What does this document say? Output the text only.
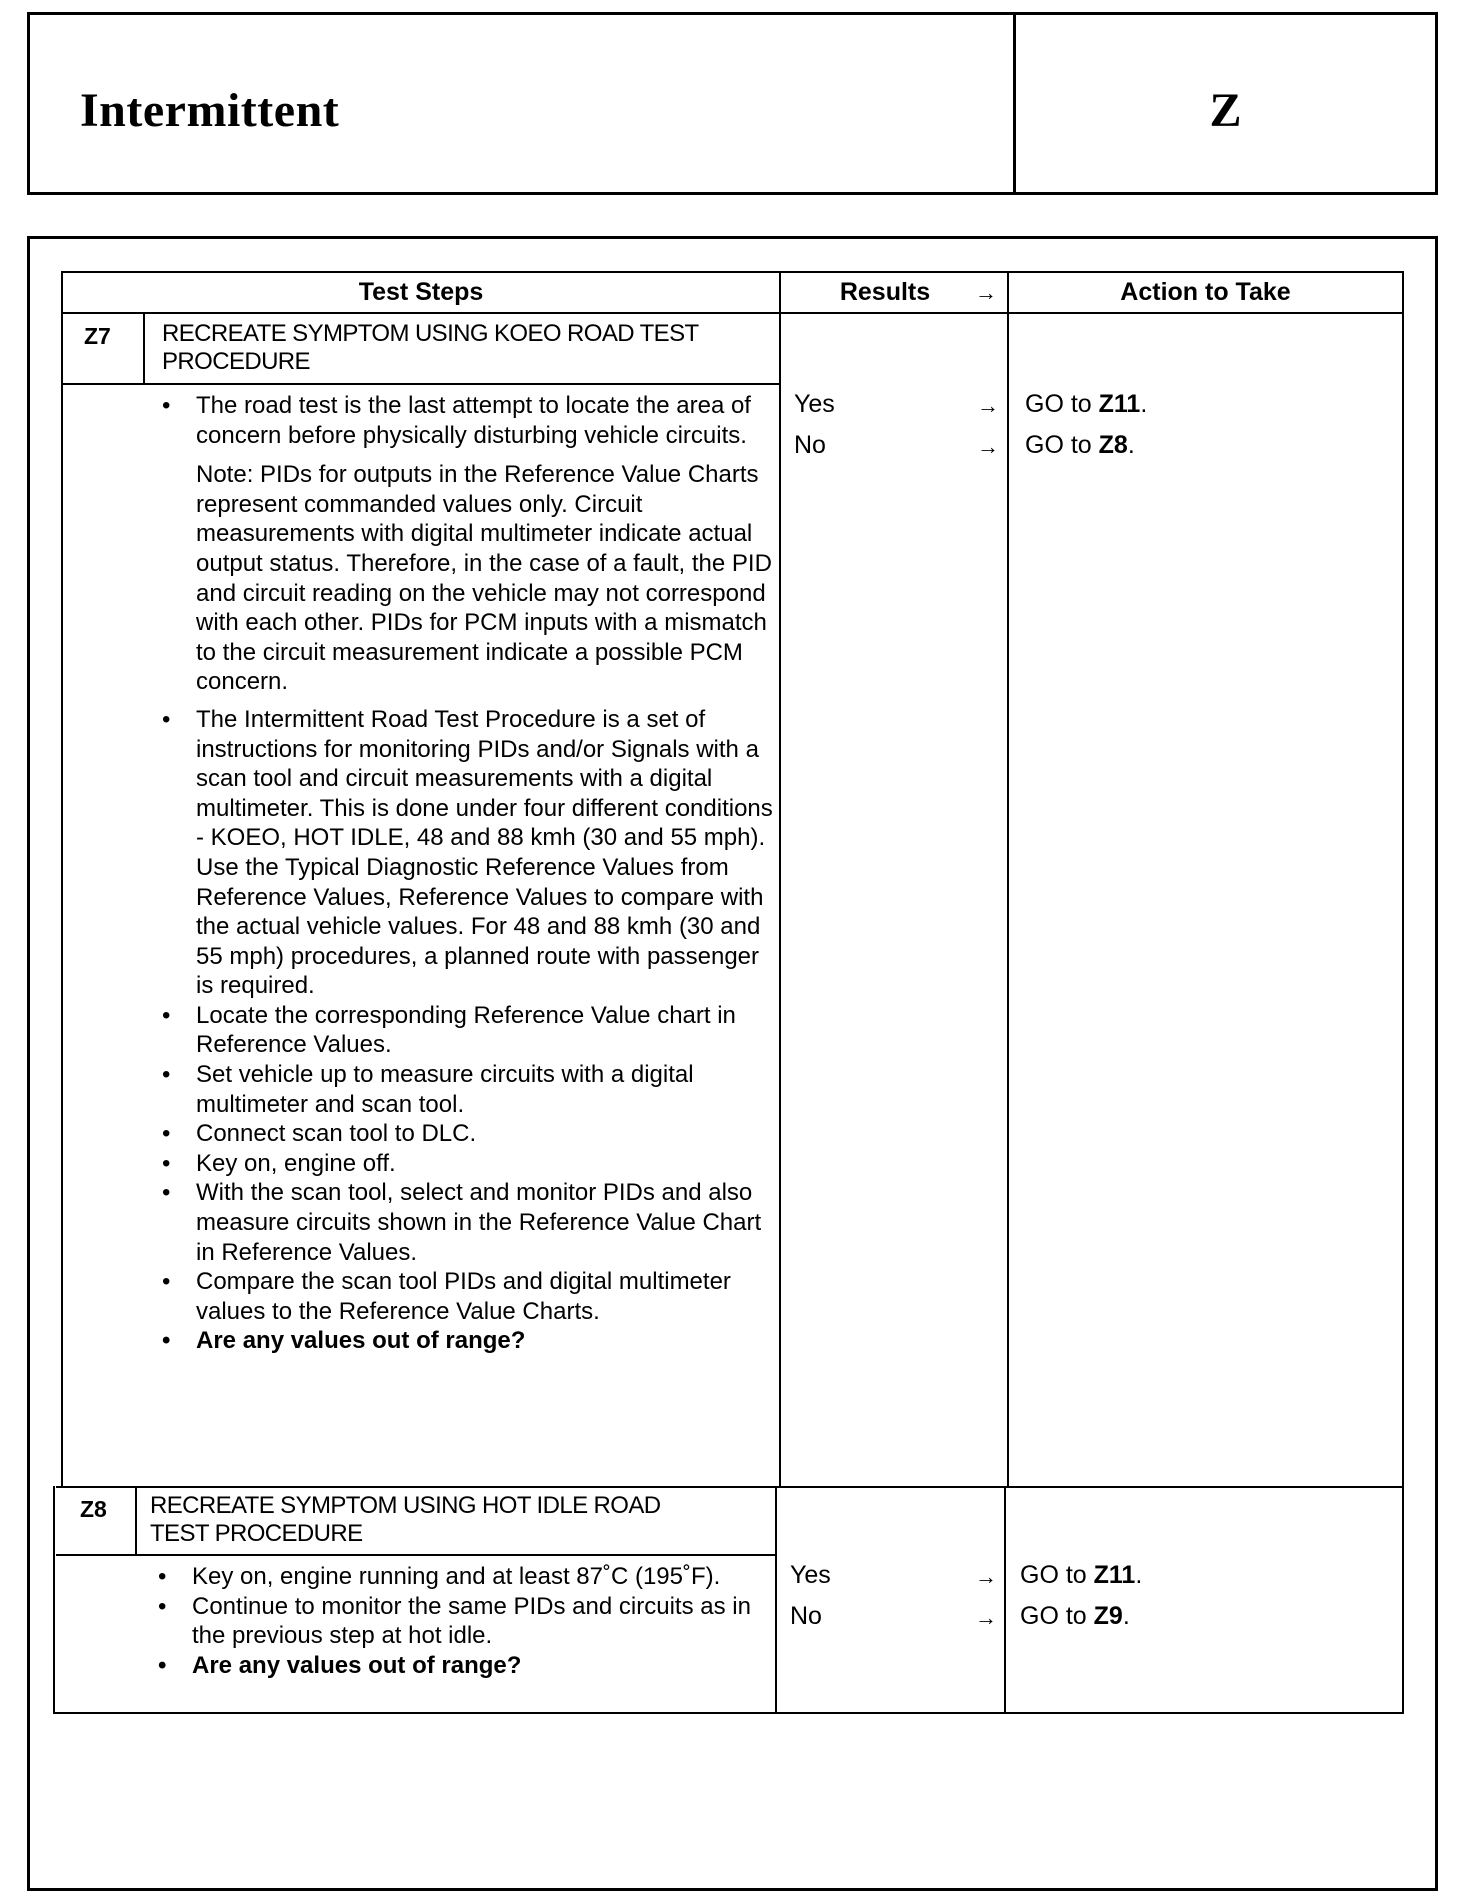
Intermittent	Z
Test Steps	Results	→	Action to Take
Z7 RECREATE SYMPTOM USING KOEO ROAD TEST
PROCEDURE
• The road test is the last attempt to locate the area of concern before physically disturbing vehicle circuits.
Note: PIDs for outputs in the Reference Value Charts represent commanded values only. Circuit measurements with digital multimeter indicate actual output status. Therefore, in the case of a fault, the PID and circuit reading on the vehicle may not correspond with each other. PIDs for PCM inputs with a mismatch to the circuit measurement indicate a possible PCM concern.
• The Intermittent Road Test Procedure is a set of instructions for monitoring PIDs and/or Signals with a scan tool and circuit measurements with a digital multimeter. This is done under four different conditions - KOEO, HOT IDLE, 48 and 88 kmh (30 and 55 mph). Use the Typical Diagnostic Reference Values from Reference Values, Reference Values to compare with the actual vehicle values. For 48 and 88 kmh (30 and 55 mph) procedures, a planned route with passenger is required.
• Locate the corresponding Reference Value chart in Reference Values.
• Set vehicle up to measure circuits with a digital multimeter and scan tool.
• Connect scan tool to DLC.
• Key on, engine off.
• With the scan tool, select and monitor PIDs and also measure circuits shown in the Reference Value Chart in Reference Values.
• Compare the scan tool PIDs and digital multimeter values to the Reference Value Charts.
• Are any values out of range?
Yes	→ GO to Z11.
No	→ GO to Z8.
Z8 RECREATE SYMPTOM USING HOT IDLE ROAD
TEST PROCEDURE
• Key on, engine running and at least 87˚C (195˚F).
• Continue to monitor the same PIDs and circuits as in the previous step at hot idle.
• Are any values out of range?
Yes	→ GO to Z11.
No	→ GO to Z9.
